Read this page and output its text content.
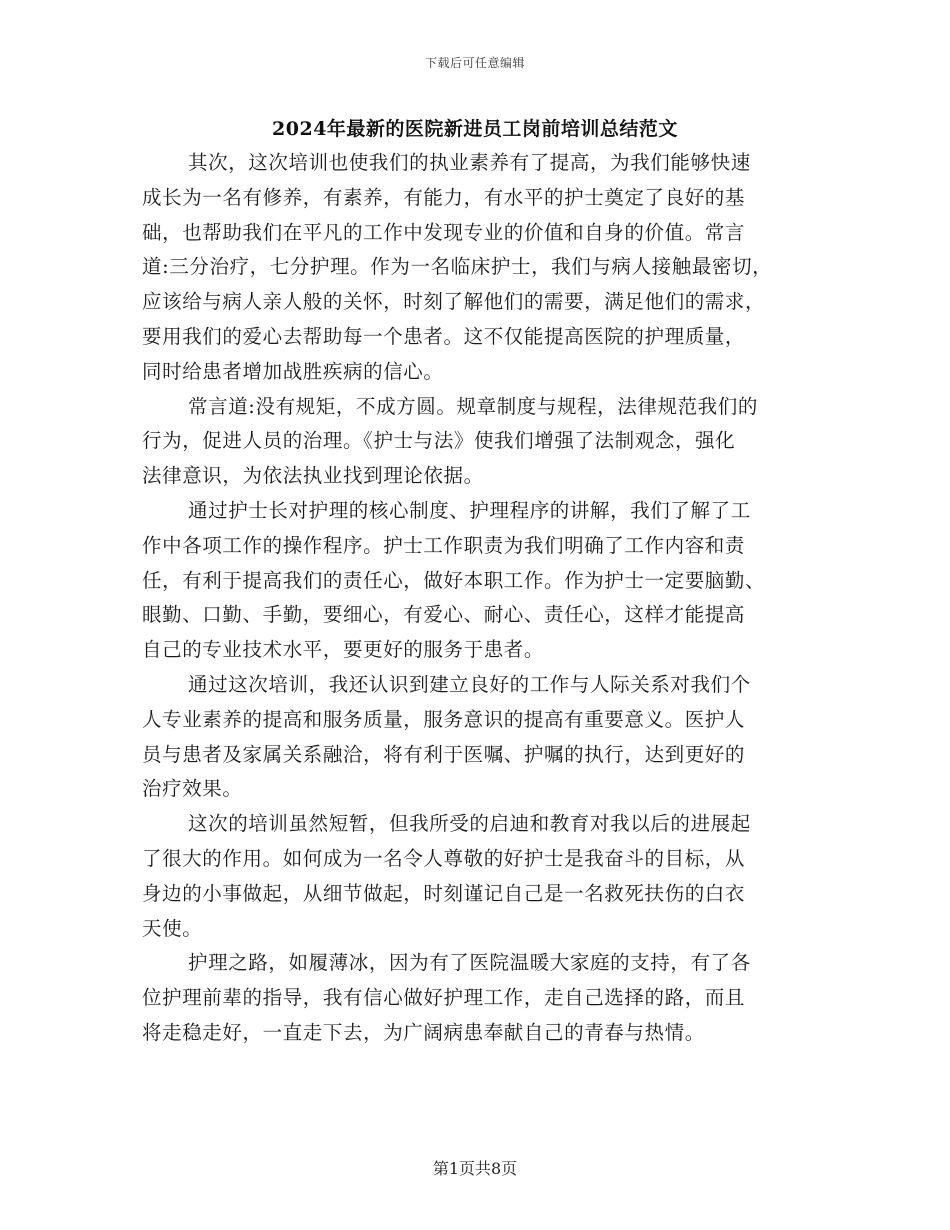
下载后可任意编辑
2024年最新的医院新进员工岗前培训总结范文
其次，这次培训也使我们的执业素养有了提高，为我们能够快速
成长为一名有修养，有素养，有能力，有水平的护士奠定了良好的基
础，也帮助我们在平凡的工作中发现专业的价值和自身的价值。常言
道:三分治疗，七分护理。作为一名临床护士，我们与病人接触最密切，
应该给与病人亲人般的关怀，时刻了解他们的需要，满足他们的需求，
要用我们的爱心去帮助每一个患者。这不仅能提高医院的护理质量，
同时给患者增加战胜疾病的信心。
常言道:没有规矩，不成方圆。规章制度与规程，法律规范我们的
行为，促进人员的治理。《护士与法》使我们增强了法制观念，强化
法律意识，为依法执业找到理论依据。
通过护士长对护理的核心制度、护理程序的讲解，我们了解了工
作中各项工作的操作程序。护士工作职责为我们明确了工作内容和责
任，有利于提高我们的责任心，做好本职工作。作为护士一定要脑勤、
眼勤、口勤、手勤，要细心，有爱心、耐心、责任心，这样才能提高
自己的专业技术水平，要更好的服务于患者。
通过这次培训，我还认识到建立良好的工作与人际关系对我们个
人专业素养的提高和服务质量，服务意识的提高有重要意义。医护人
员与患者及家属关系融洽，将有利于医嘱、护嘱的执行，达到更好的
治疗效果。
这次的培训虽然短暂，但我所受的启迪和教育对我以后的进展起
了很大的作用。如何成为一名令人尊敬的好护士是我奋斗的目标，从
身边的小事做起，从细节做起，时刻谨记自己是一名救死扶伤的白衣
天使。
护理之路，如履薄冰，因为有了医院温暖大家庭的支持，有了各
位护理前辈的指导，我有信心做好护理工作，走自己选择的路，而且
将走稳走好，一直走下去，为广阔病患奉献自己的青春与热情。
第1页共8页
